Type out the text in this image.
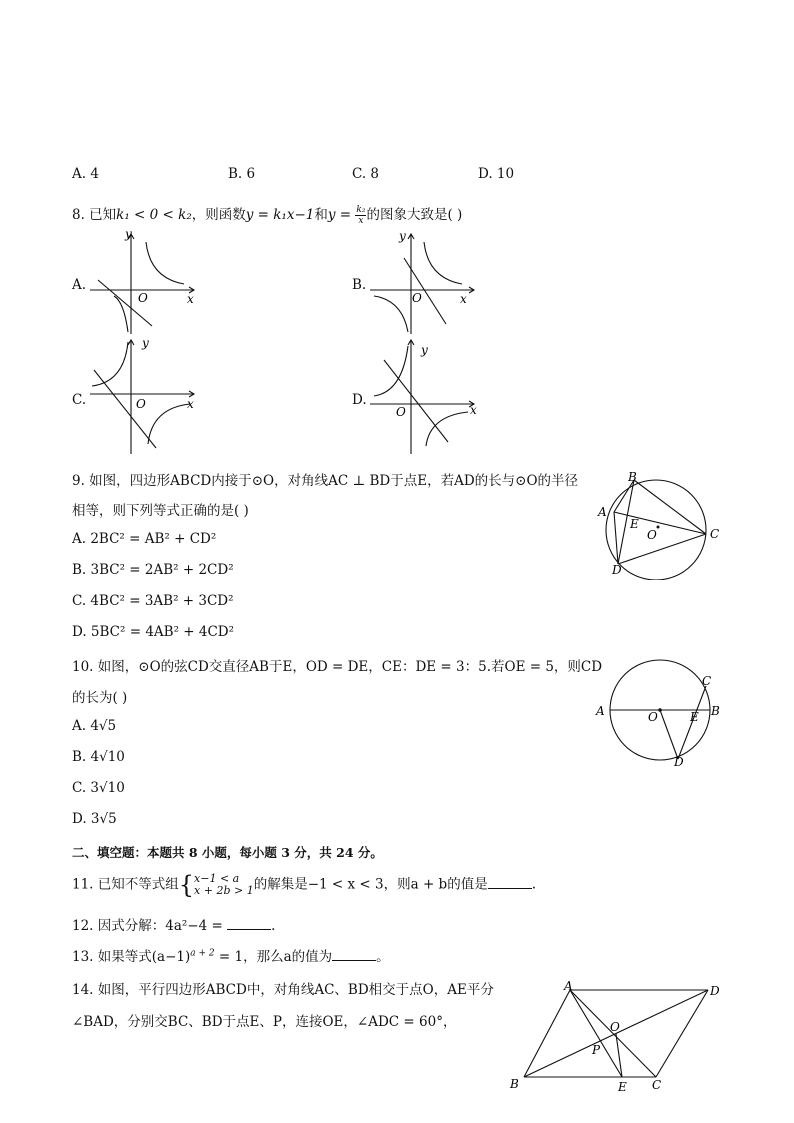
A. 4	B. 6	C. 8	D. 10
8. 已知k₁ < 0 < k₂，则函数y = k₁x−1和$y = \frac{\text{k₂}}{x}$的图象大致是( )
A.
y
x
O
B.
y
x
O
C.
y
x
O	D.
y
x
O
9. 如图，四边形ABCD内接于⊙O，对角线AC ⊥ BD于点E，若AD的长与⊙O的半径
相等，则下列等式正确的是( )
A. 2BC² = AB² + CD²
B. 3BC² = 2AB² + 2CD²
C. 4BC² = 3AB² + 3CD²
D. 5BC² = 4AB² + 4CD²
B
A
E
O	C
D
10. 如图，⊙O的弦CD交直径AB于E，OD = DE，CE：DE = 3：5.若OE = 5，则CD
的长为( )
A. 4√5
B. 4√10
C. 3√10
D. 3√5
A	O	E B
C
D
二、填空题：本题共 8 小题，每小题 3 分，共 24 分。
11. 已知不等式组{ x−1 < a
x + 2b > 1 的解集是−1 < x < 3，则a + b的值是	.
12. 因式分解：4a²−4 =	.
13. 如果等式$(a-1)^{a + 2} = 1$，那么a的值为	。
14. 如图，平行四边形ABCD中，对角线AC、BD相交于点O，AE平分
∠BAD，分别交BC、BD于点E、P，连接OE，∠ADC = 60°，
A	D
O
P
B	E C
